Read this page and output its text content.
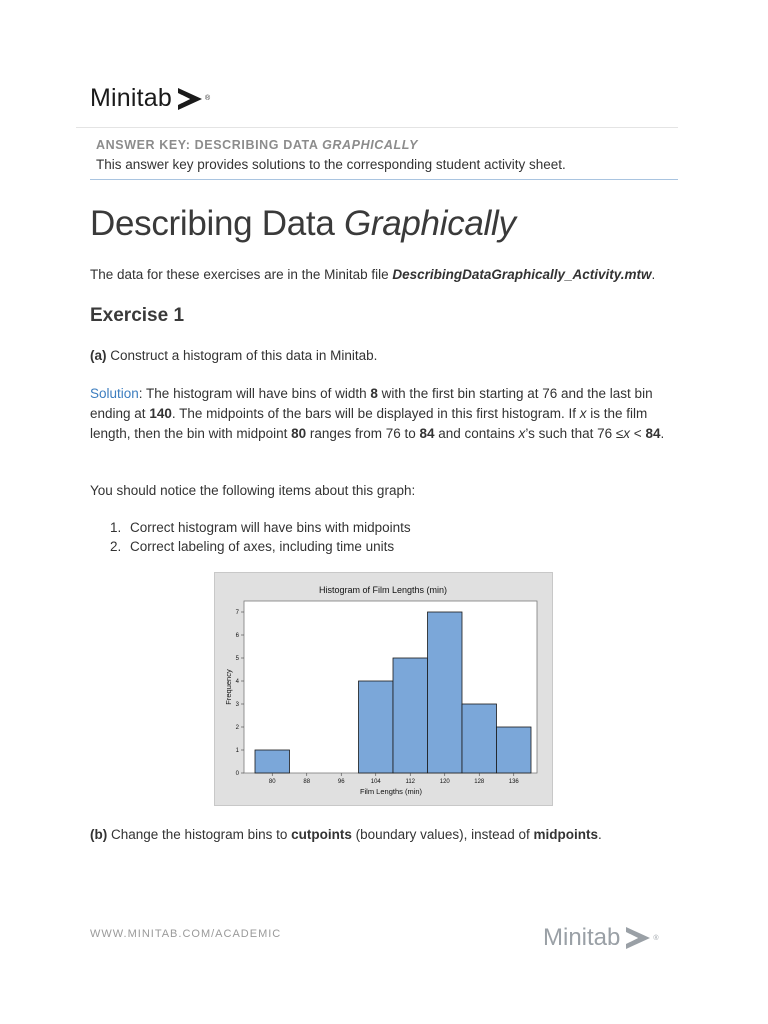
Minitab	®
ANSWER KEY: DESCRIBING DATA GRAPHICALLY
This answer key provides solutions to the corresponding student activity sheet.
Describing Data Graphically

The data for these exercises are in the Minitab file DescribingDataGraphically_Activity.mtw.

Exercise 1

(a) Construct a histogram of this data in Minitab.

Solution: The histogram will have bins of width 8 with the first bin starting at 76 and the last bin ending at 140. The midpoints of the bars will be displayed in this first histogram. If x is the film length, then the bin with midpoint 80 ranges from 76 to 84 and contains x’s such that 76 ≤x < 84.

You should notice the following items about this graph:

1. Correct histogram will have bins with midpoints
2. Correct labeling of axes, including time units
Histogram of Film Lengths (min)
0
1
2
3
4
5
6
7
80	88	96	104	112	120	128	136
Film Lengths (min)
Frequency

(b) Change the histogram bins to cutpoints (boundary values), instead of midpoints.

WWW.MINITAB.COM/ACADEMIC	Minitab	®
